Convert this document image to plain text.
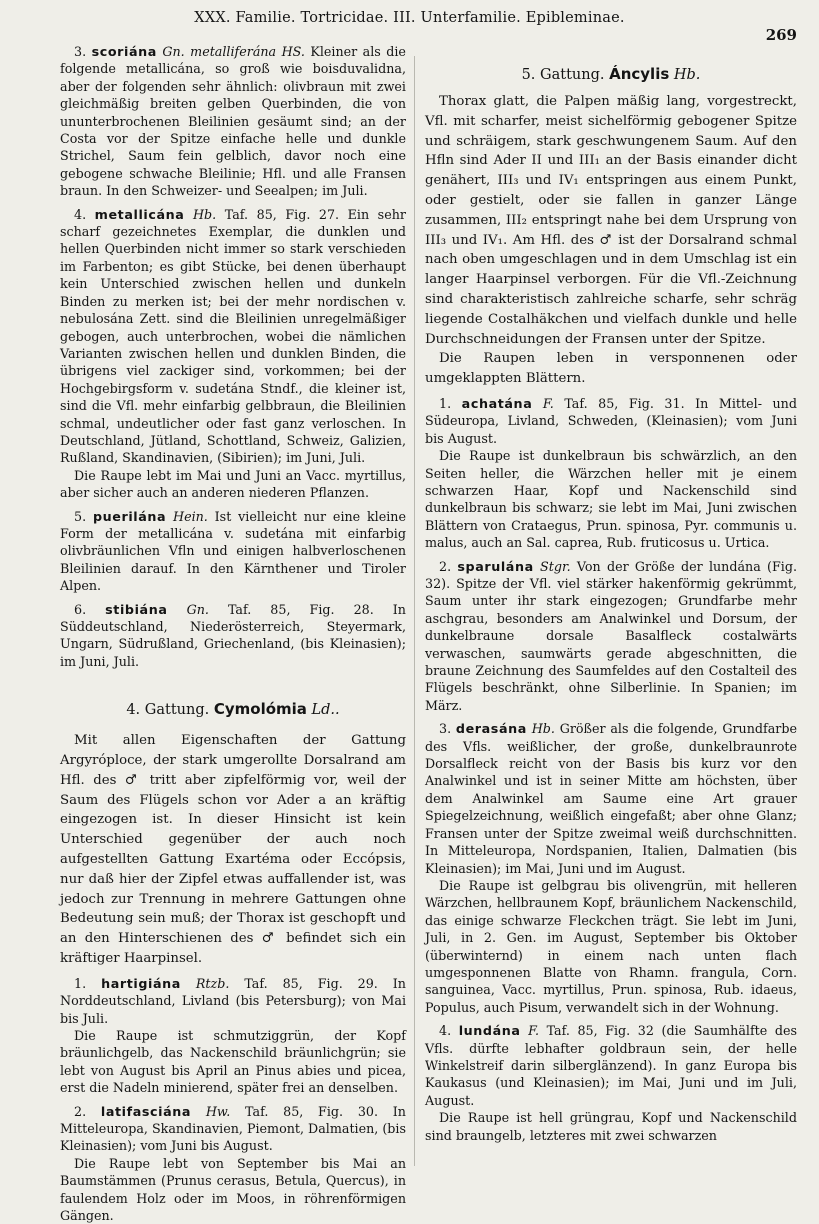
XXX. Familie. Tortricidae. III. Unterfamilie. Epibleminae.
269

3. scoriána Gn. metalliferána HS. Kleiner als die folgende metallicána, so groß wie boisduvalidna, aber der folgenden sehr ähnlich: olivbraun mit zwei gleichmäßig breiten gelben Querbinden, die von ununterbrochenen Bleilinien gesäumt sind; an der Costa vor der Spitze einfache helle und dunkle Strichel, Saum fein gelblich, davor noch eine gebogene schwache Bleilinie; Hfl. und alle Fransen braun. In den Schweizer- und Seealpen; im Juli.

4. metallicána Hb. Taf. 85, Fig. 27. Ein sehr scharf gezeichnetes Exemplar, die dunklen und hellen Querbinden nicht immer so stark verschieden im Farbenton; es gibt Stücke, bei denen überhaupt kein Unterschied zwischen hellen und dunkeln Binden zu merken ist; bei der mehr nordischen v. nebulosána Zett. sind die Bleilinien unregelmäßiger gebogen, auch unterbrochen, wobei die nämlichen Varianten zwischen hellen und dunklen Binden, die übrigens viel zackiger sind, vorkommen; bei der Hochgebirgsform v. sudetána Stndf., die kleiner ist, sind die Vfl. mehr einfarbig gelbbraun, die Bleilinien schmal, undeutlicher oder fast ganz verloschen. In Deutschland, Jütland, Schottland, Schweiz, Galizien, Rußland, Skandinavien, (Sibirien); im Juni, Juli.

Die Raupe lebt im Mai und Juni an Vacc. myrtillus, aber sicher auch an anderen niederen Pflanzen.

5. puerilána Hein. Ist vielleicht nur eine kleine Form der metallicána v. sudetána mit einfarbig olivbräunlichen Vfln und einigen halbverloschenen Bleilinien darauf. In den Kärnthener und Tiroler Alpen.

6. stibiána Gn. Taf. 85, Fig. 28. In Süddeutschland, Niederösterreich, Steyermark, Ungarn, Südrußland, Griechenland, (bis Kleinasien); im Juni, Juli.

4. Gattung. Cymolómia Ld..

Mit allen Eigenschaften der Gattung Argyróploce, der stark umgerollte Dorsalrand am Hfl. des ♂ tritt aber zipfelförmig vor, weil der Saum des Flügels schon vor Ader a an kräftig eingezogen ist. In dieser Hinsicht ist kein Unterschied gegenüber der auch noch aufgestellten Gattung Exartéma oder Eccópsis, nur daß hier der Zipfel etwas auffallender ist, was jedoch zur Trennung in mehrere Gattungen ohne Bedeutung sein muß; der Thorax ist geschopft und an den Hinterschienen des ♂ befindet sich ein kräftiger Haarpinsel.

1. hartigiána Rtzb. Taf. 85, Fig. 29. In Norddeutschland, Livland (bis Petersburg); von Mai bis Juli.

Die Raupe ist schmutziggrün, der Kopf bräunlichgelb, das Nackenschild bräunlichgrün; sie lebt von August bis April an Pinus abies und picea, erst die Nadeln minierend, später frei an denselben.

2. latifasciána Hw. Taf. 85, Fig. 30. In Mitteleuropa, Skandinavien, Piemont, Dalmatien, (bis Kleinasien); vom Juni bis August.

Die Raupe lebt von September bis Mai an Baumstämmen (Prunus cerasus, Betula, Quercus), in faulendem Holz oder im Moos, in röhrenförmigen Gängen.

5. Gattung. Áncylis Hb.

Thorax glatt, die Palpen mäßig lang, vorgestreckt, Vfl. mit scharfer, meist sichelförmig gebogener Spitze und schräigem, stark geschwungenem Saum. Auf den Hfln sind Ader II und III₁ an der Basis einander dicht genähert, III₃ und IV₁ entspringen aus einem Punkt, oder gestielt, oder sie fallen in ganzer Länge zusammen, III₂ entspringt nahe bei dem Ursprung von III₃ und IV₁. Am Hfl. des ♂ ist der Dorsalrand schmal nach oben umgeschlagen und in dem Umschlag ist ein langer Haarpinsel verborgen. Für die Vfl.-Zeichnung sind charakteristisch zahlreiche scharfe, sehr schräg liegende Costalhäkchen und vielfach dunkle und helle Durchschneidungen der Fransen unter der Spitze.

Die Raupen leben in versponnenen oder umgeklappten Blättern.

1. achatána F. Taf. 85, Fig. 31. In Mittel- und Südeuropa, Livland, Schweden, (Kleinasien); vom Juni bis August.

Die Raupe ist dunkelbraun bis schwärzlich, an den Seiten heller, die Wärzchen heller mit je einem schwarzen Haar, Kopf und Nackenschild sind dunkelbraun bis schwarz; sie lebt im Mai, Juni zwischen Blättern von Crataegus, Prun. spinosa, Pyr. communis u. malus, auch an Sal. caprea, Rub. fruticosus u. Urtica.

2. sparulána Stgr. Von der Größe der lundána (Fig. 32). Spitze der Vfl. viel stärker hakenförmig gekrümmt, Saum unter ihr stark eingezogen; Grundfarbe mehr aschgrau, besonders am Analwinkel und Dorsum, der dunkelbraune dorsale Basalfleck costalwärts verwaschen, saumwärts gerade abgeschnitten, die braune Zeichnung des Saumfeldes auf den Costalteil des Flügels beschränkt, ohne Silberlinie. In Spanien; im März.

3. derasána Hb. Größer als die folgende, Grundfarbe des Vfls. weißlicher, der große, dunkelbraunrote Dorsalfleck reicht von der Basis bis kurz vor den Analwinkel und ist in seiner Mitte am höchsten, über dem Analwinkel am Saume eine Art grauer Spiegelzeichnung, weißlich eingefaßt; aber ohne Glanz; Fransen unter der Spitze zweimal weiß durchschnitten. In Mitteleuropa, Nordspanien, Italien, Dalmatien (bis Kleinasien); im Mai, Juni und im August.

Die Raupe ist gelbgrau bis olivengrün, mit helleren Wärzchen, hellbraunem Kopf, bräunlichem Nackenschild, das einige schwarze Fleckchen trägt. Sie lebt im Juni, Juli, in 2. Gen. im August, September bis Oktober (überwinternd) in einem nach unten flach umgesponnenen Blatte von Rhamn. frangula, Corn. sanguinea, Vacc. myrtillus, Prun. spinosa, Rub. idaeus, Populus, auch Pisum, verwandelt sich in der Wohnung.

4. lundána F. Taf. 85, Fig. 32 (die Saumhälfte des Vfls. dürfte lebhafter goldbraun sein, der helle Winkelstreif darin silberglänzend). In ganz Europa bis Kaukasus (und Kleinasien); im Mai, Juni und im Juli, August.

Die Raupe ist hell grüngrau, Kopf und Nackenschild sind braungelb, letzteres mit zwei schwarzen
